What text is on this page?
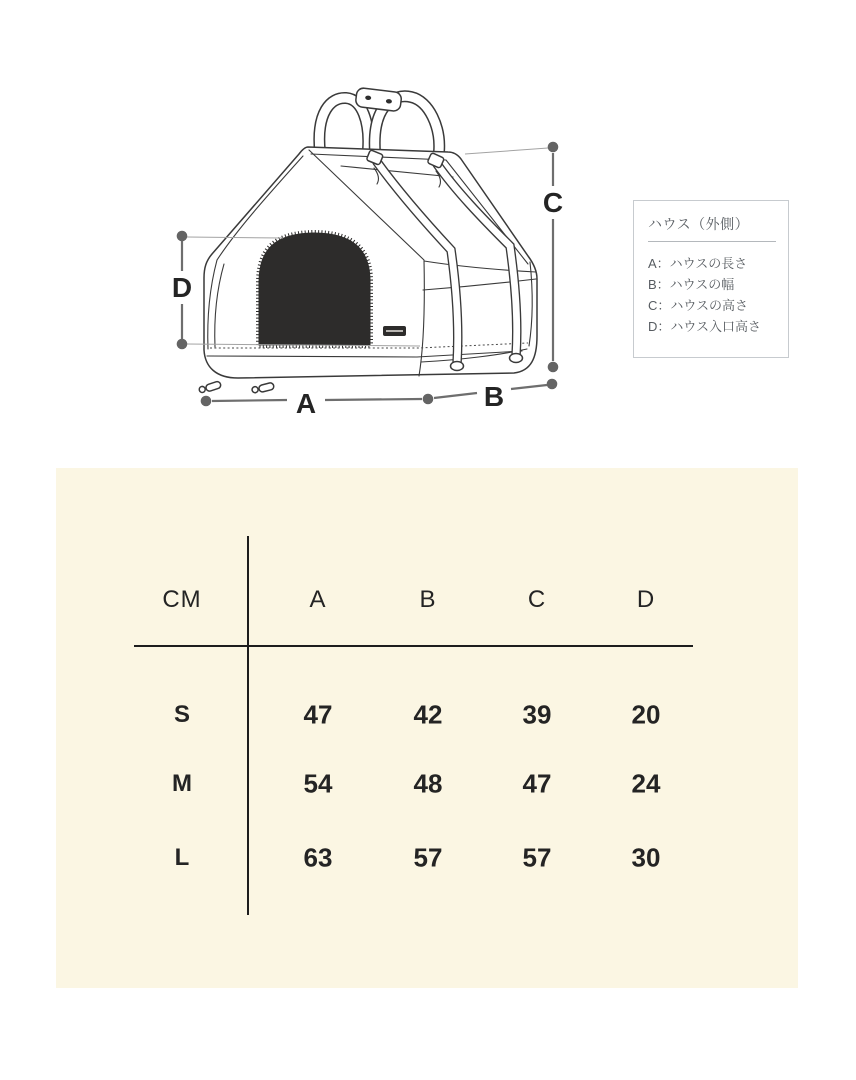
D
C
A	B
ハウス（外側）
A：ハウスの長さ
B：ハウスの幅
C：ハウスの高さ
D：ハウス入口高さ
CM	A	B	C	D
S	47	42	39	20
M	54	48	47	24
L	63	57	57	30
